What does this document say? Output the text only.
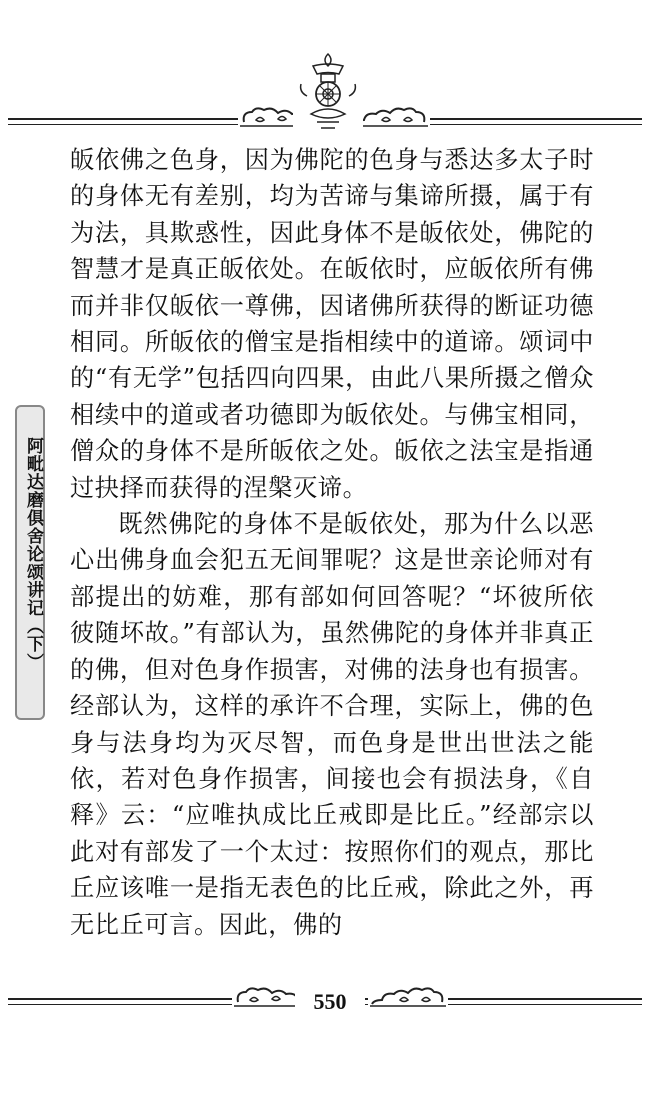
阿毗达磨俱舍论颂讲记（下）

皈依佛之色身，因为佛陀的色身与悉达多太子时的身体无有差别，均为苦谛与集谛所摄，属于有为法，具欺惑性，因此身体不是皈依处，佛陀的智慧才是真正皈依处。在皈依时，应皈依所有佛而并非仅皈依一尊佛，因诸佛所获得的断证功德相同。所皈依的僧宝是指相续中的道谛。颂词中的“有无学”包括四向四果，由此八果所摄之僧众相续中的道或者功德即为皈依处。与佛宝相同，僧众的身体不是所皈依之处。皈依之法宝是指通过抉择而获得的涅槃灭谛。

既然佛陀的身体不是皈依处，那为什么以恶心出佛身血会犯五无间罪呢？这是世亲论师对有部提出的妨难，那有部如何回答呢？“坏彼所依彼随坏故。”有部认为，虽然佛陀的身体并非真正的佛，但对色身作损害，对佛的法身也有损害。经部认为，这样的承许不合理，实际上，佛的色身与法身均为灭尽智，而色身是世出世法之能依，若对色身作损害，间接也会有损法身，《自释》云：“应唯执成比丘戒即是比丘。”经部宗以此对有部发了一个太过：按照你们的观点，那比丘应该唯一是指无表色的比丘戒，除此之外，再无比丘可言。因此，佛的

550
